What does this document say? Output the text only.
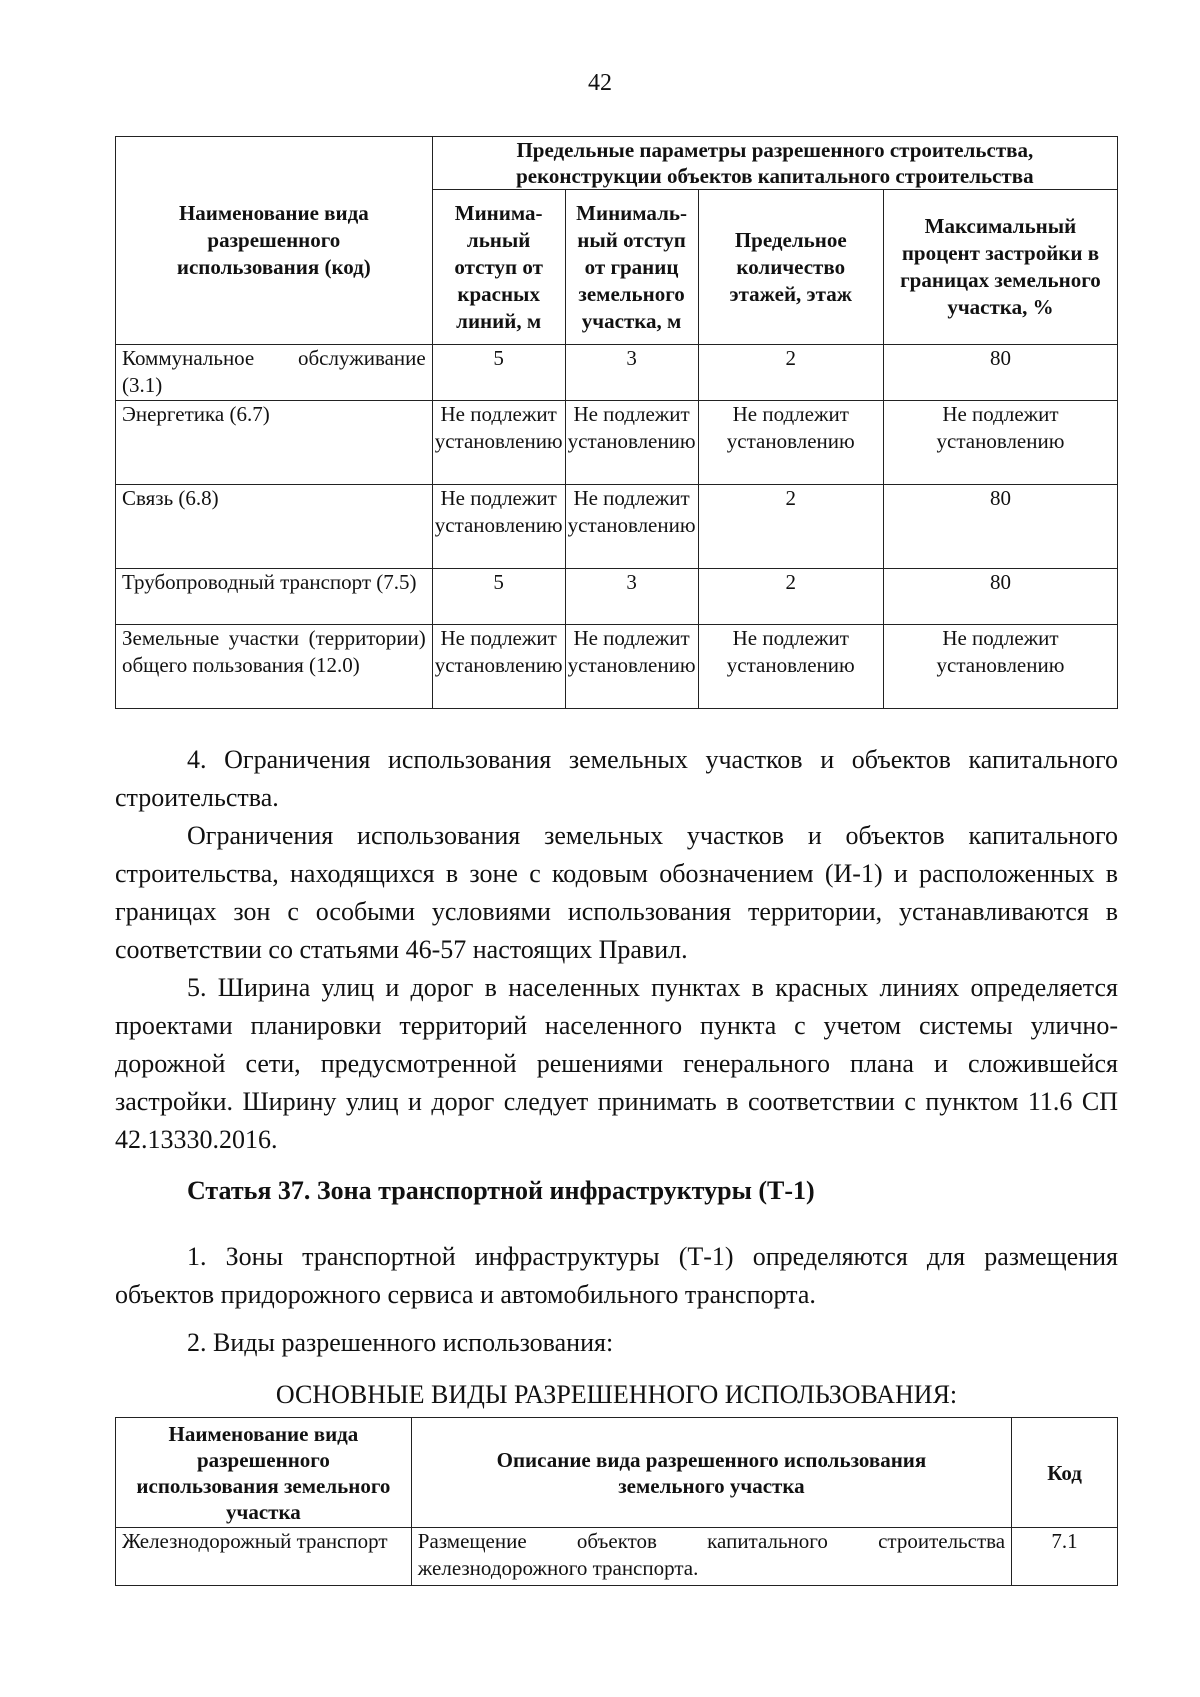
42
Наименование вида разрешенного использования (код)	Предельные параметры разрешенного строительства, реконструкции объектов капитального строительства			
	Минима-льный отступ от красных линий, м	Минималь-ный отступ от границ земельного участка, м	Предельное количество этажей, этаж	Максимальный процент застройки в границах земельного участка, %
Коммунальное обслуживание (3.1)	5	3	2	80
Энергетика (6.7)	Не подлежит установлению	Не подлежит установлению	Не подлежит установлению	Не подлежит установлению
Связь (6.8)	Не подлежит установлению	Не подлежит установлению	2	80
Трубопроводный транспорт (7.5)	5	3	2	80
Земельные участки (территории) общего пользования (12.0)	Не подлежит установлению	Не подлежит установлению	Не подлежит установлению	Не подлежит установлению

4. Ограничения использования земельных участков и объектов капитального строительства.

Ограничения использования земельных участков и объектов капитального строительства, находящихся в зоне с кодовым обозначением (И-1) и расположенных в границах зон с особыми условиями использования территории, устанавливаются в соответствии со статьями 46-57 настоящих Правил.

5. Ширина улиц и дорог в населенных пунктах в красных линиях определяется проектами планировки территорий населенного пункта с учетом системы улично-дорожной сети, предусмотренной решениями генерального плана и сложившейся застройки. Ширину улиц и дорог следует принимать в соответствии с пунктом 11.6 СП 42.13330.2016.

Статья 37. Зона транспортной инфраструктуры (Т-1)

1. Зоны транспортной инфраструктуры (Т-1) определяются для размещения объектов придорожного сервиса и автомобильного транспорта.

2. Виды разрешенного использования:

ОСНОВНЫЕ ВИДЫ РАЗРЕШЕННОГО ИСПОЛЬЗОВАНИЯ:

Наименование вида разрешенного использования земельного участка	Описание вида разрешенного использования земельного участка	Код
Железнодорожный транспорт	Размещение объектов капитального строительства железнодорожного транспорта.	7.1
